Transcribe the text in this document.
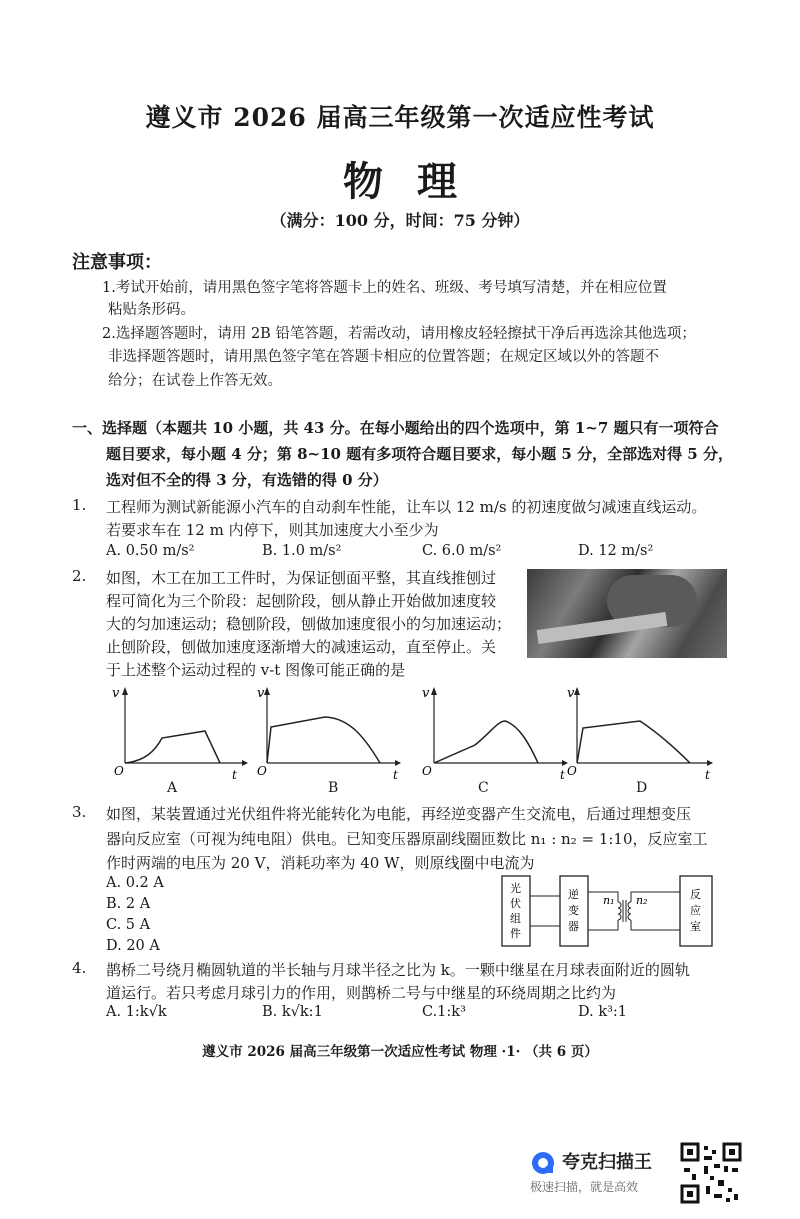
遵义市 2026 届高三年级第一次适应性考试
物理
（满分：100 分，时间：75 分钟）
注意事项：
1.考试开始前，请用黑色签字笔将答题卡上的姓名、班级、考号填写清楚，并在相应位置
粘贴条形码。
2.选择题答题时，请用 2B 铅笔答题，若需改动，请用橡皮轻轻擦拭干净后再选涂其他选项；
非选择题答题时，请用黑色签字笔在答题卡相应的位置答题；在规定区域以外的答题不
给分；在试卷上作答无效。
一、选择题（本题共 10 小题，共 43 分。在每小题给出的四个选项中，第 1~7 题只有一项符合
题目要求，每小题 4 分；第 8~10 题有多项符合题目要求，每小题 5 分，全部选对得 5 分，
选对但不全的得 3 分，有选错的得 0 分）
1. 工程师为测试新能源小汽车的自动刹车性能，让车以 12 m/s 的初速度做匀减速直线运动。
若要求车在 12 m 内停下，则其加速度大小至少为
A. 0.50 m/s²	B. 1.0 m/s²	C. 6.0 m/s²	D. 12 m/s²
2. 如图，木工在加工工件时，为保证刨面平整，其直线推刨过
程可简化为三个阶段：起刨阶段，刨从静止开始做加速度较
大的匀加速运动；稳刨阶段，刨做加速度很小的匀加速运动；
止刨阶段，刨做加速度逐渐增大的减速运动，直至停止。关
于上述整个运动过程的 v-t 图像可能正确的是
v
t
O
A
v
t
O
B
v
t
O
C
v
t
O
D
3. 如图，某装置通过光伏组件将光能转化为电能，再经逆变器产生交流电，后通过理想变压
器向反应室（可视为纯电阻）供电。已知变压器原副线圈匝数比 n₁ : n₂ = 1:10，反应室工
作时两端的电压为 20 V，消耗功率为 40 W，则原线圈中电流为
A. 0.2 A
B. 2 A
C. 5 A
D. 20 A
光
伏
组
件
逆
变
器
n₁ n₂	反
应
室
4. 鹊桥二号绕月椭圆轨道的半长轴与月球半径之比为 k。一颗中继星在月球表面附近的圆轨
道运行。若只考虑月球引力的作用，则鹊桥二号与中继星的环绕周期之比约为
A. 1:k√k	B. k√k:1	C.1:k³	D. k³:1
遵义市 2026 届高三年级第一次适应性考试 物理 ·1· （共 6 页）
夸克扫描王
极速扫描，就是高效
